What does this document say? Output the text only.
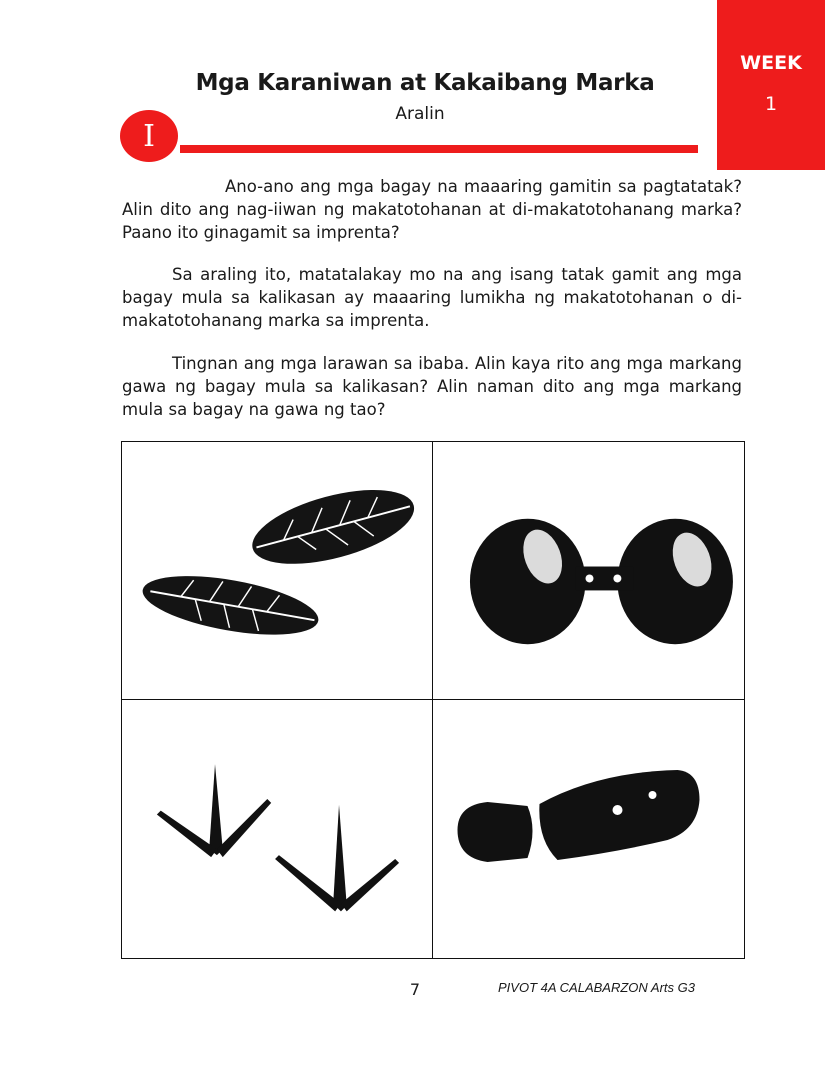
WEEK
1
Mga Karaniwan at Kakaibang Marka
Aralin
I

Ano-ano ang mga bagay na maaaring gamitin sa pagtatatak? Alin dito ang nag-iiwan ng makatotohanan at di-makatotohanang marka? Paano ito ginagamit sa imprenta?

Sa araling ito, matatalakay mo na ang isang tatak gamit ang mga bagay mula sa kalikasan ay maaaring lumikha ng makatotohanan o di-makatotohanang marka sa imprenta.

Tingnan ang mga larawan sa ibaba. Alin kaya rito ang mga markang gawa ng bagay mula sa kalikasan? Alin naman dito ang mga markang mula sa bagay na gawa ng tao?

7	PIVOT 4A CALABARZON Arts G3
